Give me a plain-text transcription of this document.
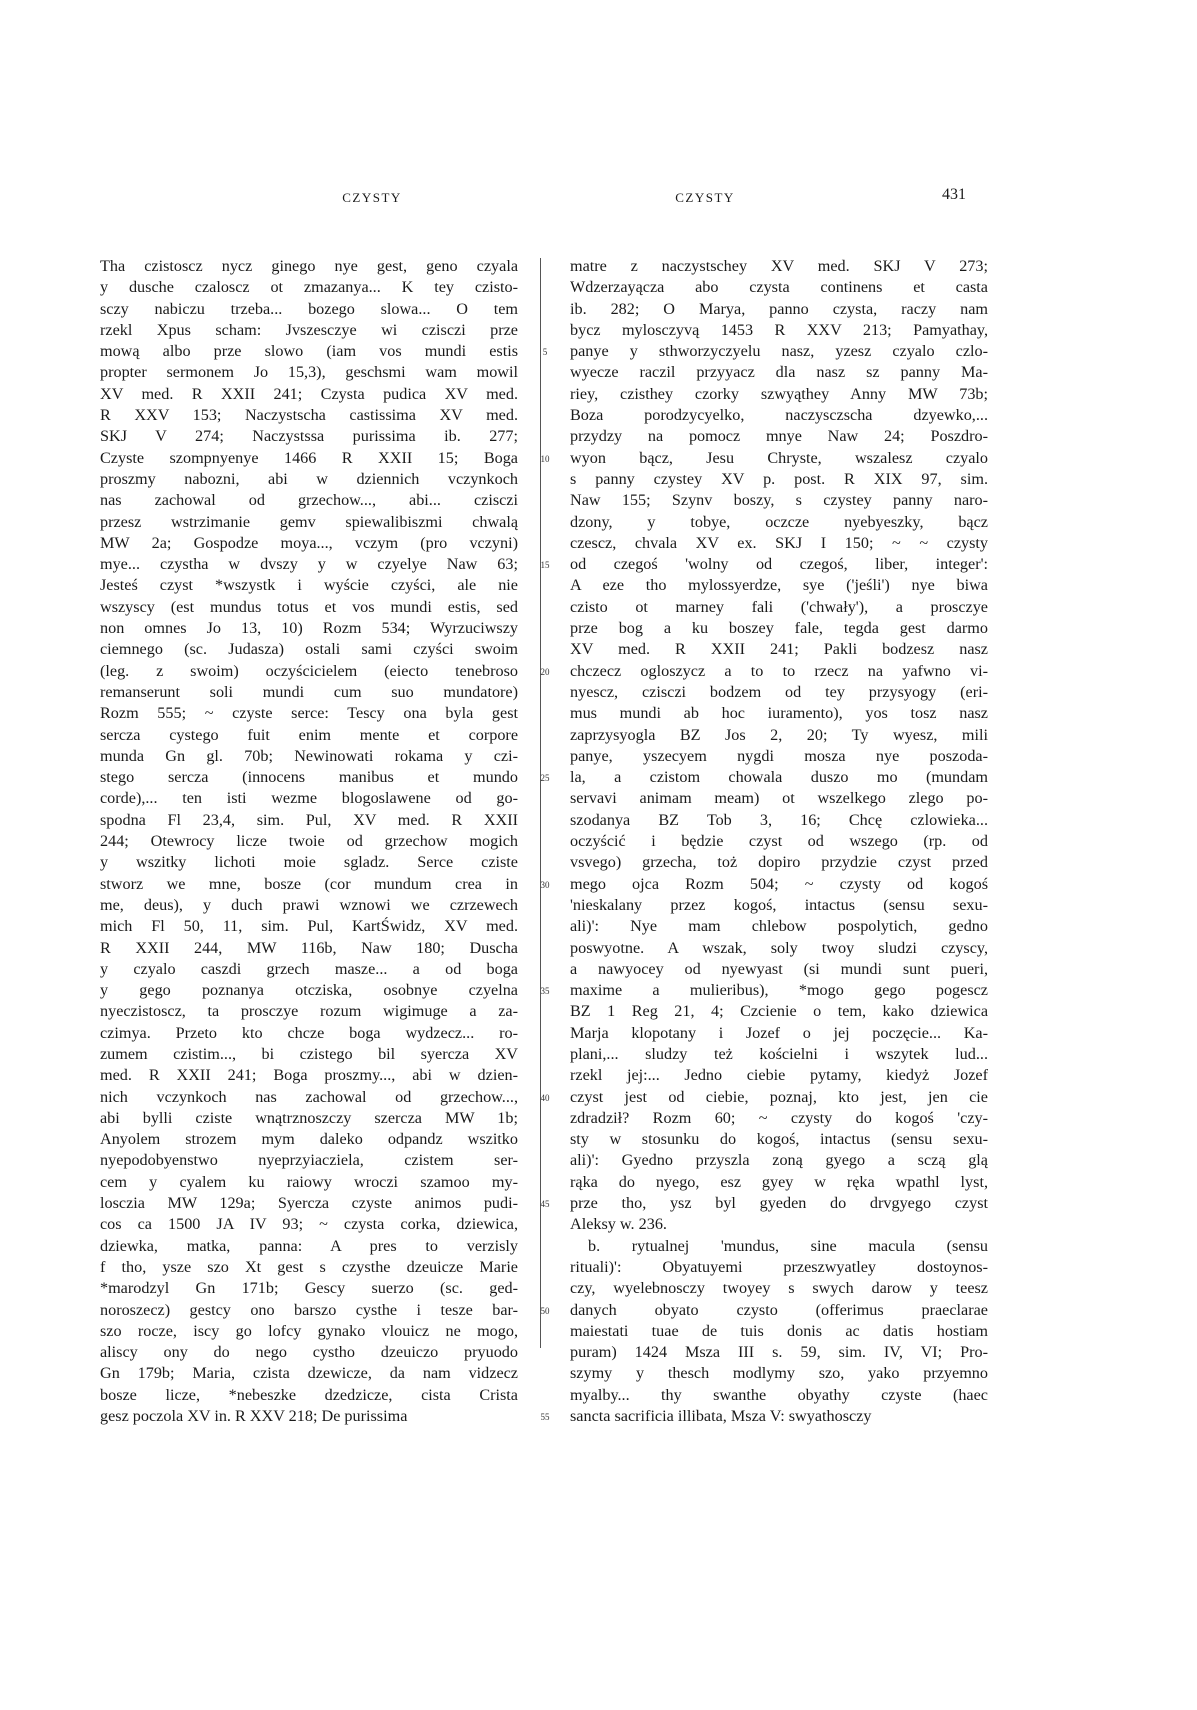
CZYSTY	CZYSTY	431
Tha czistoscz nycz ginego nye gest, geno czyala
y dusche czaloscz ot zmazanya... K tey czisto-
sczy nabiczu trzeba... bozego slowa... O tem
rzekl Xpus scham: Jvszesczye wi czisczi prze
mową albo prze slowo (iam vos mundi estis
propter sermonem Jo 15,3), geschsmi wam mowil
XV med. R XXII 241; Czysta pudica XV med.
R XXV 153; Naczystscha castissima XV med.
SKJ V 274; Naczystssa purissima ib. 277;
Czyste szompnyenye 1466 R XXII 15; Boga
proszmy nabozni, abi w dziennich vczynkoch
nas zachowal od grzechow..., abi... czisczi
przesz wstrzimanie gemv spiewalibiszmi chwalą
MW 2a; Gospodze moya..., vczym (pro vczyni)
mye... czystha w dvszy y w czyelye Naw 63;
Jesteś czyst *wszystk i wyście czyści, ale nie
wszyscy (est mundus totus et vos mundi estis, sed
non omnes Jo 13, 10) Rozm 534; Wyrzuciwszy
ciemnego (sc. Judasza) ostali sami czyści swoim
(leg. z swoim) oczyścicielem (eiecto tenebroso
remanserunt soli mundi cum suo mundatore)
Rozm 555; ~ czyste serce: Tescy ona byla gest
sercza cystego fuit enim mente et corpore
munda Gn gl. 70b; Newinowati rokama y czi-
stego sercza (innocens manibus et mundo
corde),... ten isti wezme blogoslawene od go-
spodna Fl 23,4, sim. Pul, XV med. R XXII
244; Otewrocy licze twoie od grzechow mogich
y wszitky lichoti moie sgladz. Serce cziste
stworz we mne, bosze (cor mundum crea in
me, deus), y duch prawi wznowi we czrzewech
mich Fl 50, 11, sim. Pul, KartŚwidz, XV med.
R XXII 244, MW 116b, Naw 180; Duscha
y czyalo caszdi grzech masze... a od boga
y gego poznanya otcziska, osobnye czyelna
nyeczistoscz, ta prosczye rozum wigimuge a za-
czimya. Przeto kto chcze boga wydzecz... ro-
zumem czistim..., bi czistego bil syercza XV
med. R XXII 241; Boga proszmy..., abi w dzien-
nich vczynkoch nas zachowal od grzechow...,
abi bylli cziste wnątrznoszczy szercza MW 1b;
Anyolem strozem mym daleko odpandz wszitko
nyepodobyenstwo nyeprzyiacziela, czistem ser-
cem y cyalem ku raiowy wroczi szamoo my-
losczia MW 129a; Syercza czyste animos pudi-
cos ca 1500 JA IV 93; ~ czysta corka, dziewica,
dziewka, matka, panna: A pres to verzisly
f tho, ysze szo Xt gest s czysthe dzeuicze Marie
*marodzyl Gn 171b; Gescy suerzo (sc. ged-
noroszecz) gestcy ono barszo cysthe i tesze bar-
szo rocze, iscy go lofcy gynako vlouicz ne mogo,
aliscy ony do nego cystho dzeuiczo pryuodo
Gn 179b; Maria, czista dzewicze, da nam vidzecz
bosze licze, *nebeszke dzedzicze, cista Crista
gesz poczola XV in. R XXV 218; De purissima
5
10
15
20
25
30
35
40
45
50
55
matre z naczystschey XV med. SKJ V 273;
Wdzerzayącza abo czysta continens et casta
ib. 282; O Marya, panno czysta, raczy nam
bycz mylosczyvą 1453 R XXV 213; Pamyathay,
panye y sthworzyczyelu nasz, yzesz czyalo czlo-
wyecze raczil przyyacz dla nasz sz panny Ma-
riey, czisthey czorky szwyąthey Anny MW 73b;
Boza porodzycyelko, naczysczscha dzyewko,...
przydzy na pomocz mnye Naw 24; Poszdro-
wyon bącz, Jesu Chryste, wszalesz czyalo
s panny czystey XV p. post. R XIX 97, sim.
Naw 155; Szynv boszy, s czystey panny naro-
dzony, y tobye, oczcze nyebyeszky, bącz
czescz, chvala XV ex. SKJ I 150; ~ ~ czysty
od czegoś 'wolny od czegoś, liber, integer':
A eze tho mylossyerdze, sye ('jeśli') nye biwa
czisto ot marney fali ('chwały'), a prosczye
prze bog a ku boszey fale, tegda gest darmo
XV med. R XXII 241; Pakli bodzesz nasz
chczecz ogloszycz a to to rzecz na yafwno vi-
nyescz, czisczi bodzem od tey przysyogy (eri-
mus mundi ab hoc iuramento), yos tosz nasz
zaprzysyogla BZ Jos 2, 20; Ty wyesz, mili
panye, yszecyem nygdi mosza nye poszoda-
la, a czistom chowala duszo mo (mundam
servavi animam meam) ot wszelkego zlego po-
szodanya BZ Tob 3, 16; Chcę czlowieka...
oczyścić i będzie czyst od wszego (rp. od
vsvego) grzecha, toż dopiro przydzie czyst przed
mego ojca Rozm 504; ~ czysty od kogoś
'nieskalany przez kogoś, intactus (sensu sexu-
ali)': Nye mam chlebow pospolytich, gedno
poswyotne. A wszak, soly twoy sludzi czyscy,
a nawyocey od nyewyast (si mundi sunt pueri,
maxime a mulieribus), *mogo gego pogescz
BZ 1 Reg 21, 4; Czcienie o tem, kako dziewica
Marja klopotany i Jozef o jej poczęcie... Ka-
plani,... sludzy też kościelni i wszytek lud...
rzekl jej:... Jedno ciebie pytamy, kiedyż Jozef
czyst jest od ciebie, poznaj, kto jest, jen cie
zdradził? Rozm 60; ~ czysty do kogoś 'czy-
sty w stosunku do kogoś, intactus (sensu sexu-
ali)': Gyedno przyszla zoną gyego a sczą glą
rąka do nyego, esz gyey w ręka wpathl lyst,
prze tho, ysz byl gyeden do drvgyego czyst
Aleksy w. 236.
b. rytualnej 'mundus, sine macula (sensu
rituali)': Obyatuyemi przeszwyatley dostoynos-
czy, wyelebnosczy twoyey s swych darow y teesz
danych obyato czysto (offerimus praeclarae
maiestati tuae de tuis donis ac datis hostiam
puram) 1424 Msza III s. 59, sim. IV, VI; Pro-
szymy y thesch modlymy szo, yako przyemno
myalby... thy swanthe obyathy czyste (haec
sancta sacrificia illibata, Msza V: swyathosczy
